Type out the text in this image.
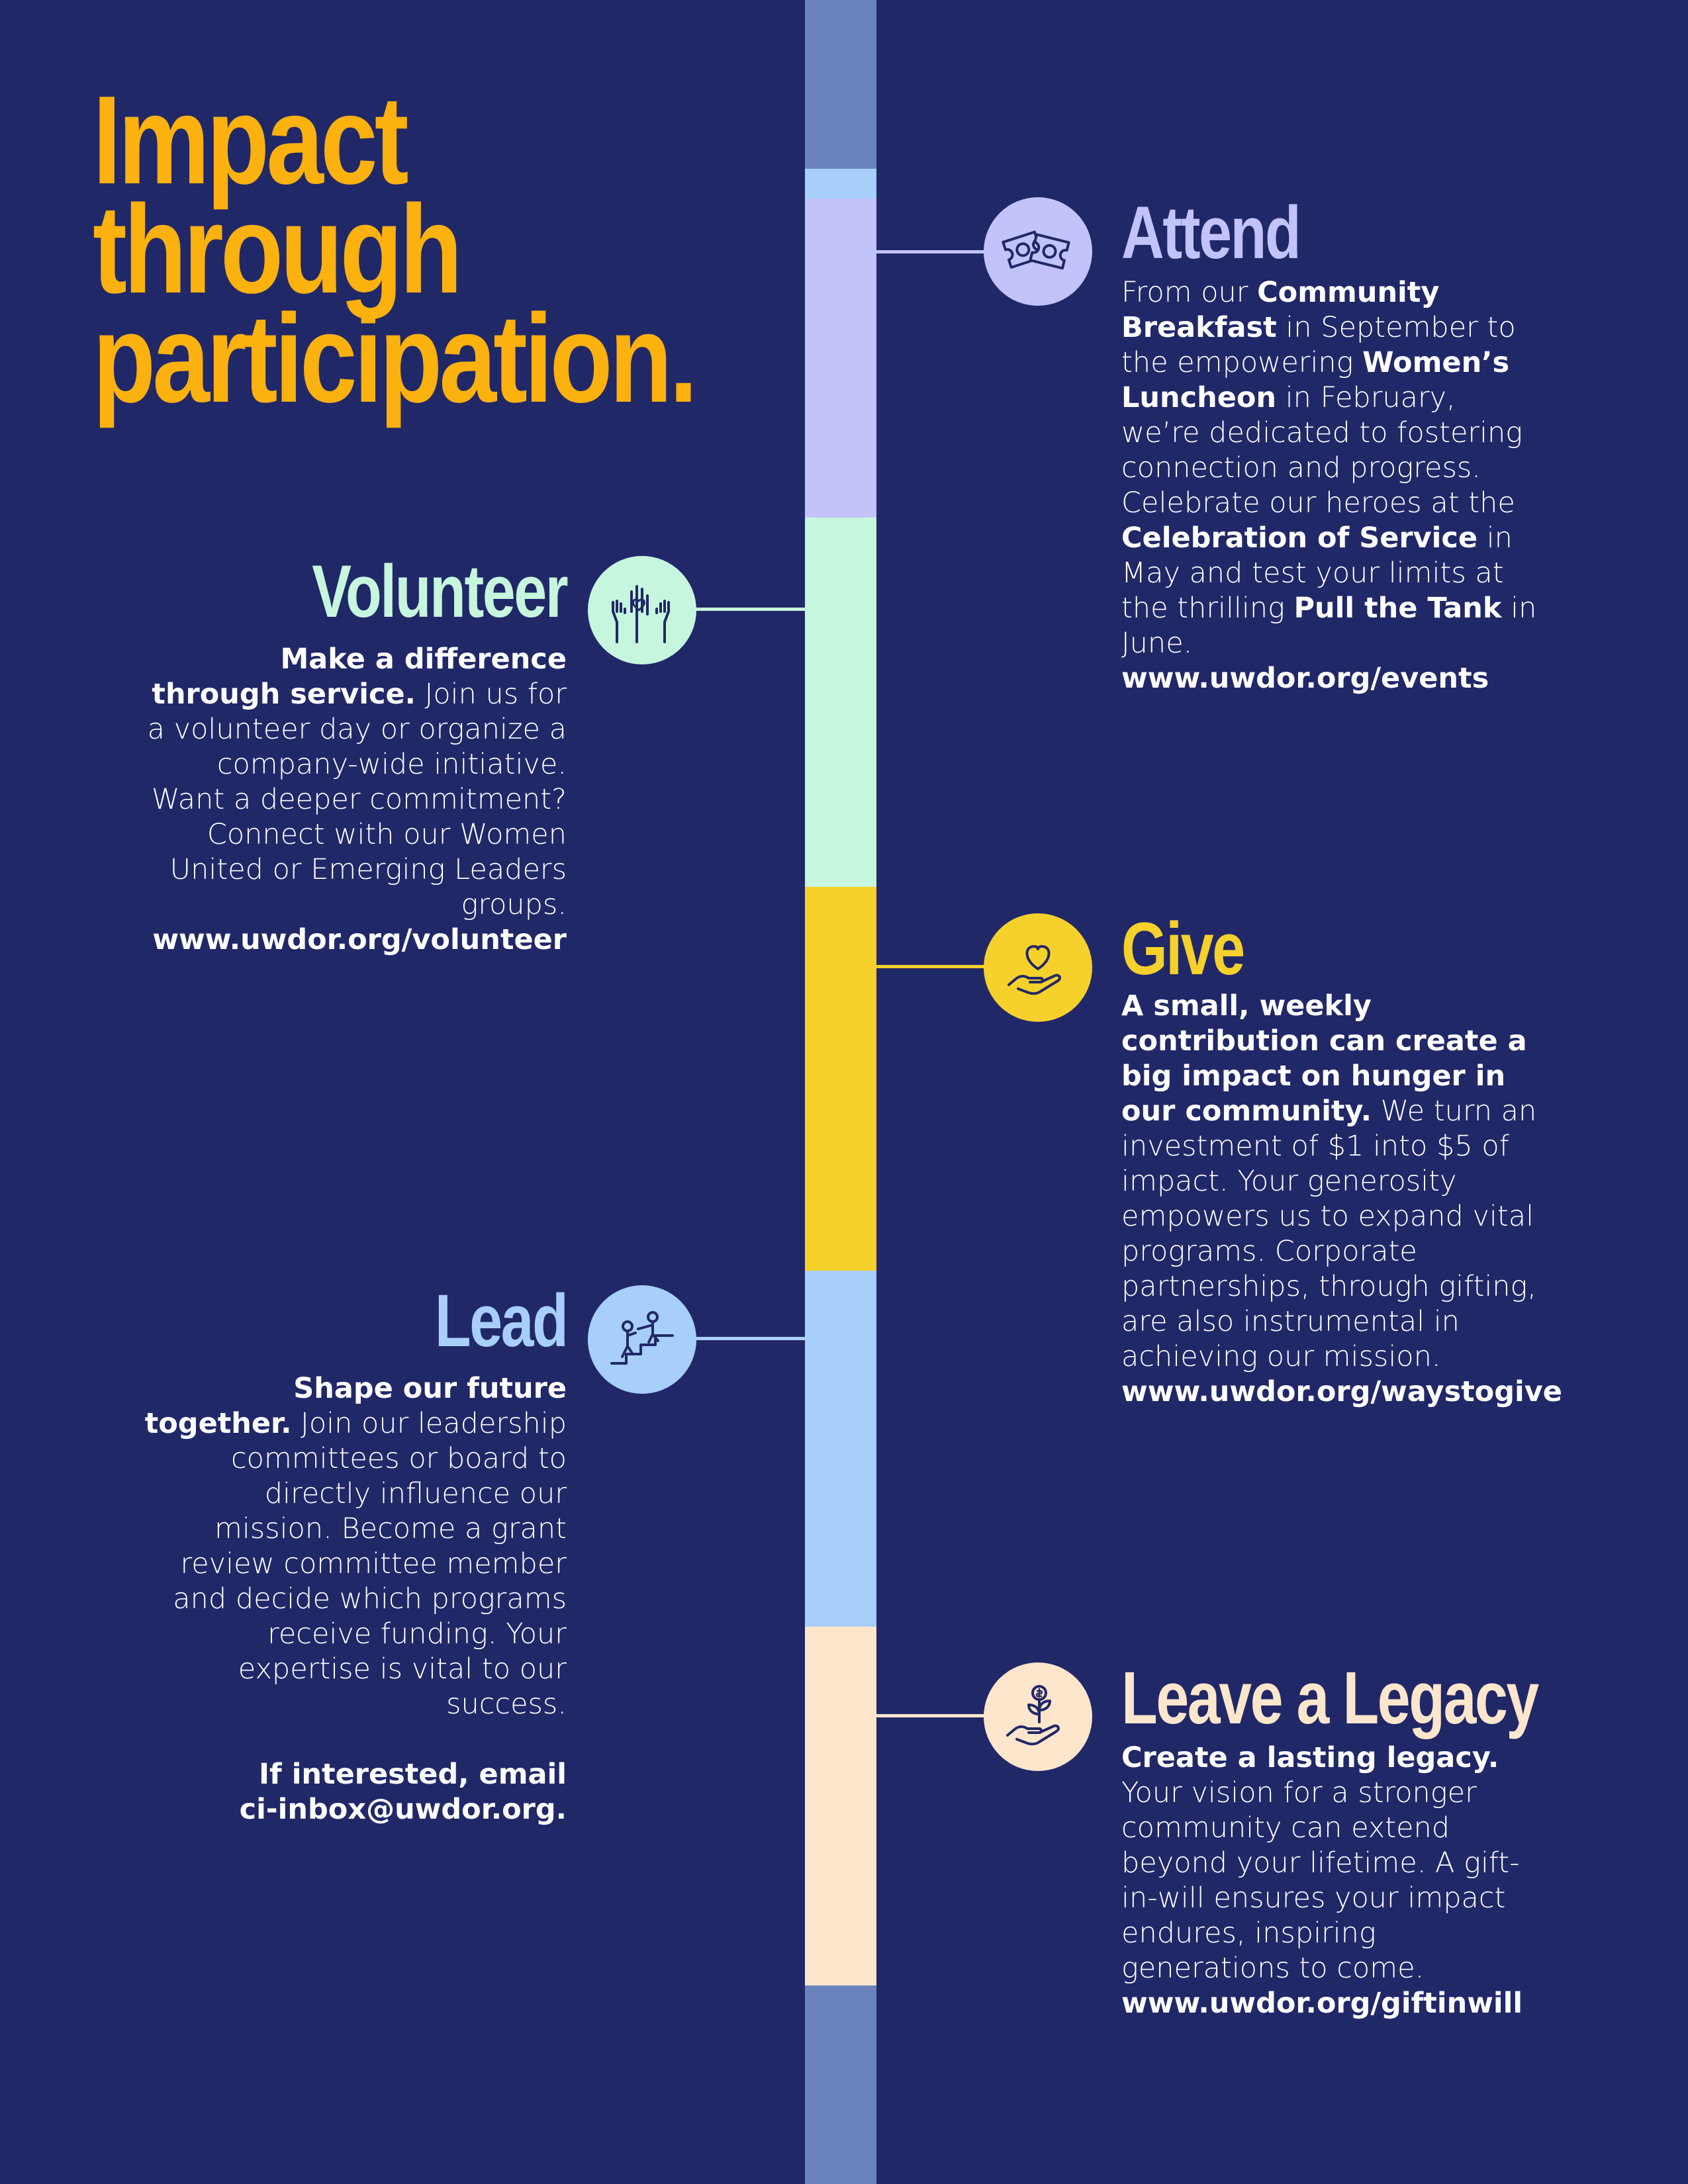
Impact through participation.
Attend
From our Community Breakfast in September to the empowering Women’s Luncheon in February, we’re dedicated to fostering connection and progress. Celebrate our heroes at the Celebration of Service in May and test your limits at the thrilling Pull the Tank in June.
www.uwdor.org/events
Volunteer
Make a difference through service. Join us for a volunteer day or organize a company-wide initiative. Want a deeper commitment? Connect with our Women United or Emerging Leaders groups.
www.uwdor.org/volunteer	Give
A small, weekly contribution can create a big impact on hunger in our community. We turn an investment of $1 into $5 of impact. Your generosity empowers us to expand vital programs. Corporate partnerships, through gifting, are also instrumental in achieving our mission.
www.uwdor.org/waystogive
Lead
Shape our future together. Join our leadership committees or board to directly influence our mission. Become a grant review committee member and decide which programs receive funding. Your expertise is vital to our success.
If interested, email
ci-inbox@uwdor.org.
Leave a Legacy
Create a lasting legacy. Your vision for a stronger community can extend beyond your lifetime. A gift-in-will ensures your impact endures, inspiring generations to come.
www.uwdor.org/giftinwill
